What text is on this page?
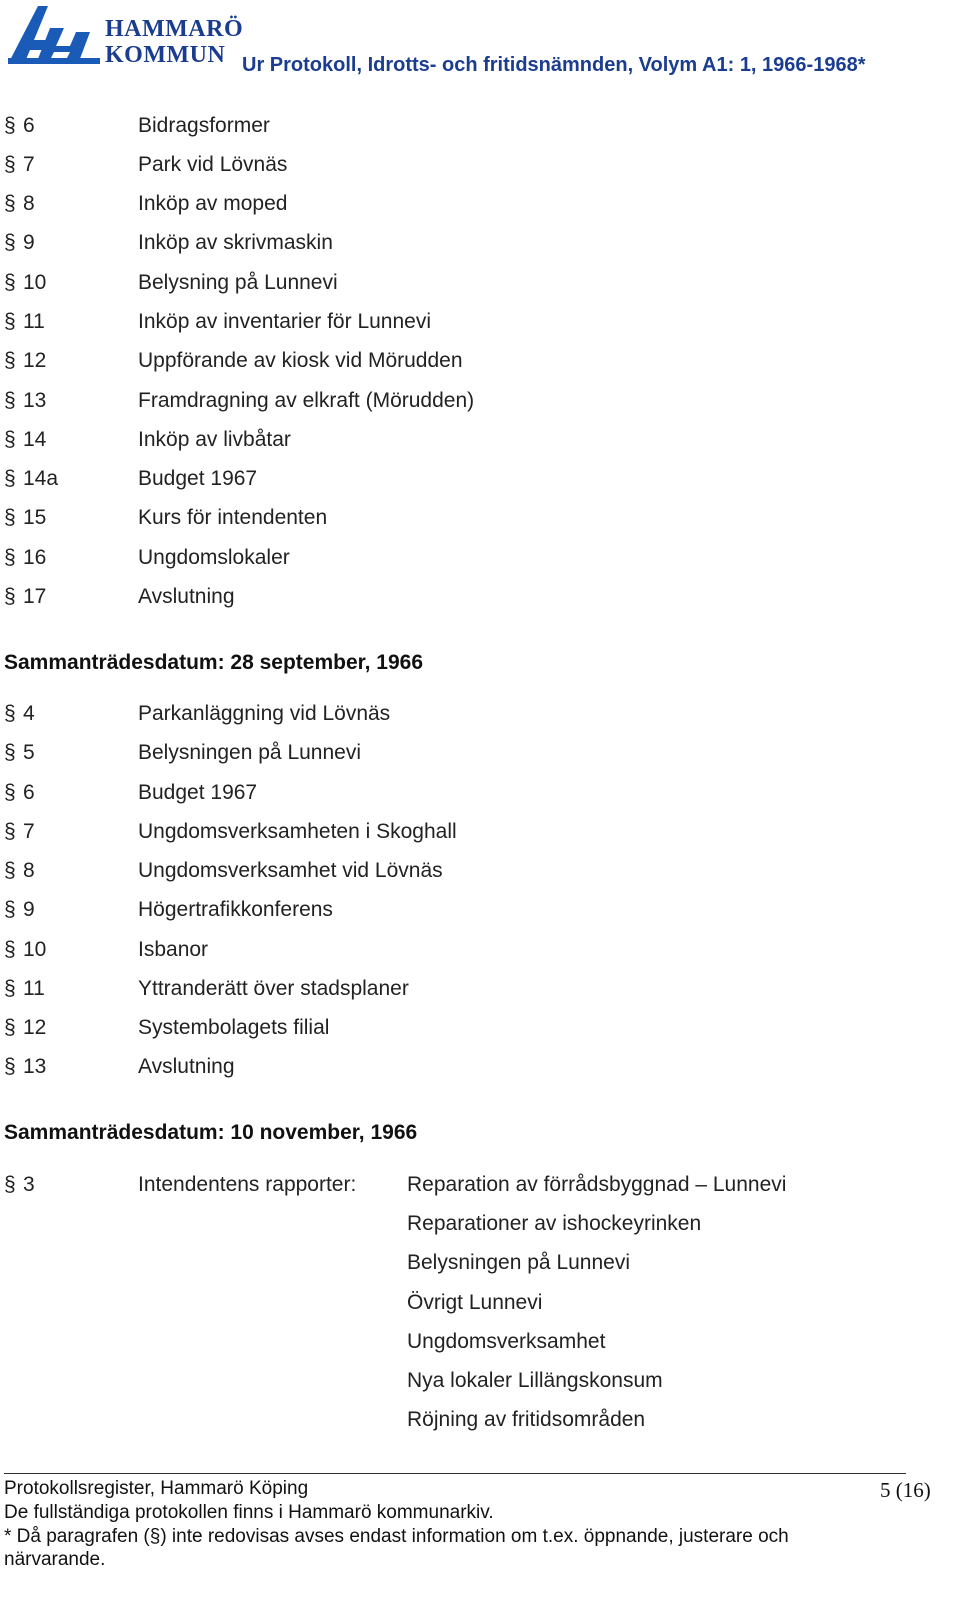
HAMMARÖ
KOMMUN Ur Protokoll, Idrotts- och fritidsnämnden, Volym A1: 1, 1966-1968*
§ 6	Bidragsformer
§ 7	Park vid Lövnäs
§ 8	Inköp av moped
§ 9	Inköp av skrivmaskin
§ 10	Belysning på Lunnevi
§ 11	Inköp av inventarier för Lunnevi
§ 12	Uppförande av kiosk vid Mörudden
§ 13	Framdragning av elkraft (Mörudden)
§ 14	Inköp av livbåtar
§ 14a	Budget 1967
§ 15	Kurs för intendenten
§ 16	Ungdomslokaler
§ 17	Avslutning
Sammanträdesdatum: 28 september, 1966
§ 4	Parkanläggning vid Lövnäs
§ 5	Belysningen på Lunnevi
§ 6	Budget 1967
§ 7	Ungdomsverksamheten i Skoghall
§ 8	Ungdomsverksamhet vid Lövnäs
§ 9	Högertrafikkonferens
§ 10	Isbanor
§ 11	Yttranderätt över stadsplaner
§ 12	Systembolagets filial
§ 13	Avslutning
Sammanträdesdatum: 10 november, 1966
§ 3	Intendentens rapporter: Reparation av förrådsbyggnad – Lunnevi
Reparationer av ishockeyrinken
Belysningen på Lunnevi
Övrigt Lunnevi
Ungdomsverksamhet
Nya lokaler Lillängskonsum
Röjning av fritidsområden
Protokollsregister, Hammarö Köping
De fullständiga protokollen finns i Hammarö kommunarkiv.
* Då paragrafen (§) inte redovisas avses endast information om t.ex. öppnande, justerare och
närvarande.
5 (16)
